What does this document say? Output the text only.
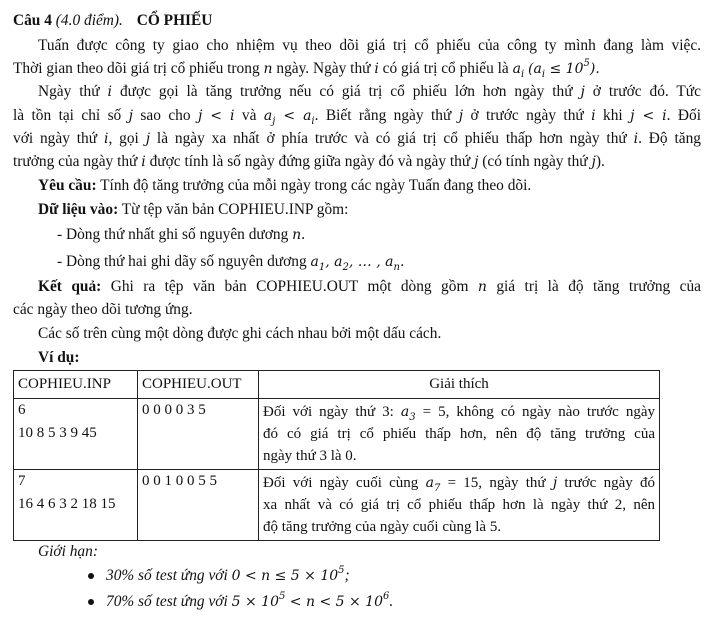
Câu 4 (4.0 điểm). CỔ PHIẾU
Tuấn được công ty giao cho nhiệm vụ theo dõi giá trị cổ phiếu của công ty mình đang làm việc.
Thời gian theo dõi giá trị cổ phiếu trong n ngày. Ngày thứ i có giá trị cổ phiếu là $a_i$ $(a_i \le 10^5)$.
Ngày thứ i được gọi là tăng trưởng nếu có giá trị cổ phiếu lớn hơn ngày thứ j ở trước đó. Tức
là tồn tại chỉ số j sao cho j < i và $a_j < a_i$. Biết rằng ngày thứ j ở trước ngày thứ i khi j < i. Đối
với ngày thứ i, gọi j là ngày xa nhất ở phía trước và có giá trị cổ phiếu thấp hơn ngày thứ i. Độ tăng
trưởng của ngày thứ i được tính là số ngày đứng giữa ngày đó và ngày thứ j (có tính ngày thứ j).
Yêu cầu: Tính độ tăng trưởng của mỗi ngày trong các ngày Tuấn đang theo dõi.
Dữ liệu vào: Từ tệp văn bản COPHIEU.INP gồm:
- Dòng thứ nhất ghi số nguyên dương n.
- Dòng thứ hai ghi dãy số nguyên dương $a_1$, $a_2$, … , $a_n$.
Kết quả: Ghi ra tệp văn bản COPHIEU.OUT một dòng gồm n giá trị là độ tăng trưởng của
các ngày theo dõi tương ứng.
Các số trên cùng một dòng được ghi cách nhau bởi một dấu cách.
Ví dụ:
COPHIEU.INP	COPHIEU.OUT	Giải thích

6
10 8 5 3 9 45	0 0 0 0 3 5	Đối với ngày thứ 3: $a_3 = 5$, không có ngày nào trước ngày
đó có giá trị cổ phiếu thấp hơn, nên độ tăng trưởng của
ngày thứ 3 là 0.

7
16 4 6 3 2 18 15	0 0 1 0 0 5 5	Đối với ngày cuối cùng $a_7 = 15$, ngày thứ j trước ngày đó
xa nhất và có giá trị cổ phiếu thấp hơn là ngày thứ 2, nên
độ tăng trưởng của ngày cuối cùng là 5.
Giới hạn:
30% số test ứng với $0 < n \le 5 \times 10^5$;
70% số test ứng với $5 \times 10^5 < n < 5 \times 10^6$.
